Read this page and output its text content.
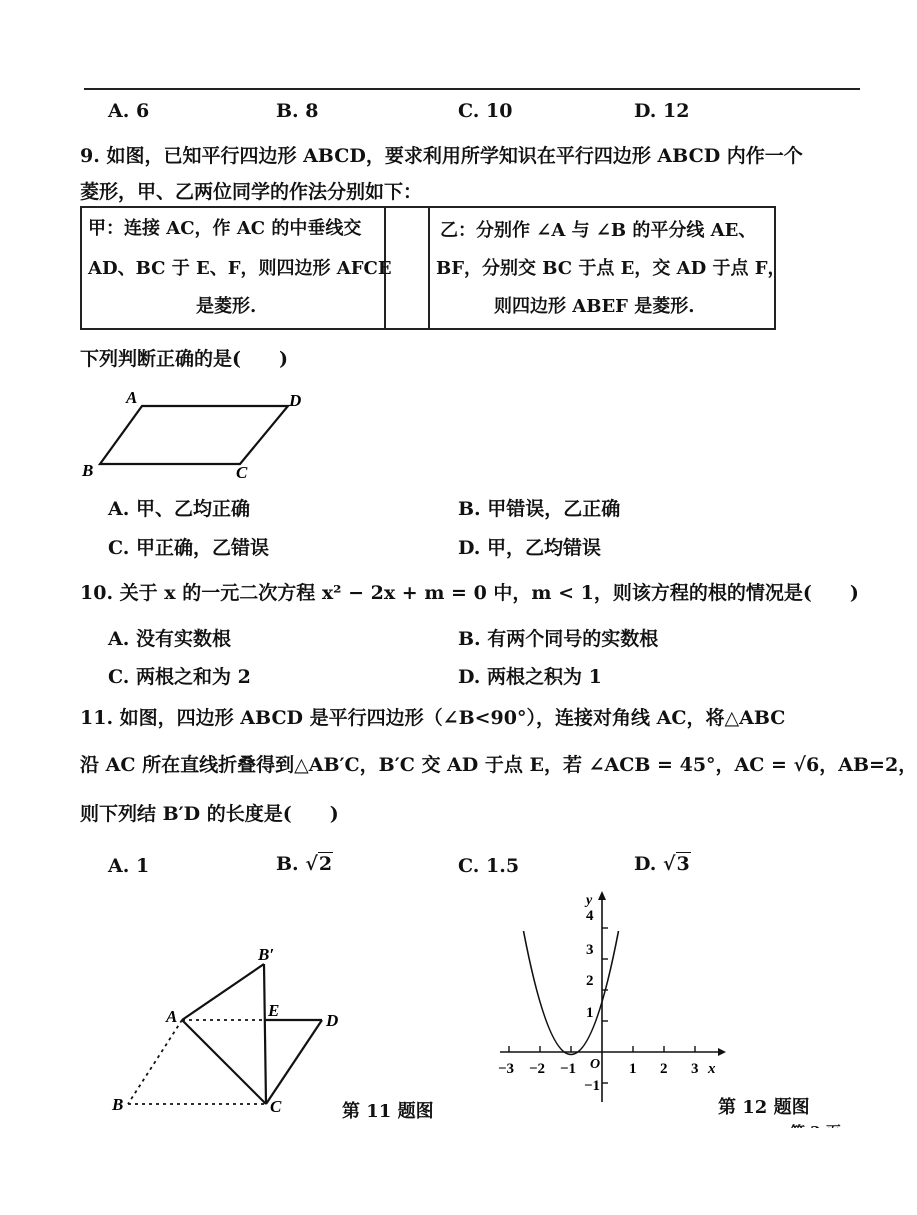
A. 6	B. 8	C. 10	D. 12
9. 如图，已知平行四边形 ABCD，要求利用所学知识在平行四边形 ABCD 内作一个
菱形，甲、乙两位同学的作法分别如下：
甲：连接 AC，作 AC 的中垂线交
AD、BC 于 E、F，则四边形 AFCE
是菱形.
乙：分别作 ∠A 与 ∠B 的平分线 AE、
BF，分别交 BC 于点 E，交 AD 于点 F，
则四边形 ABEF 是菱形.
下列判断正确的是(　　)
A	D
B	C
A. 甲、乙均正确	B. 甲错误，乙正确
C. 甲正确，乙错误	D. 甲，乙均错误
10. 关于 x 的一元二次方程 x² − 2x + m = 0 中，m < 1，则该方程的根的情况是(　　)
A. 没有实数根	B. 有两个同号的实数根
C. 两根之和为 2	D. 两根之积为 1
11. 如图，四边形 ABCD 是平行四边形（∠B<90°），连接对角线 AC，将△ABC
沿 AC 所在直线折叠得到△AB′C，B′C 交 AD 于点 E，若 ∠ACB = 45°，AC = √6，AB=2，
则下列结 B′D 的长度是(　　)
A. 1	B. √2	C. 1.5	D. √3
B′
A	E
D
B	C	第 11 题图
−3 −2 −1	1 2 3 x
y
4
3
2
1
−1
O
第 12 题图
